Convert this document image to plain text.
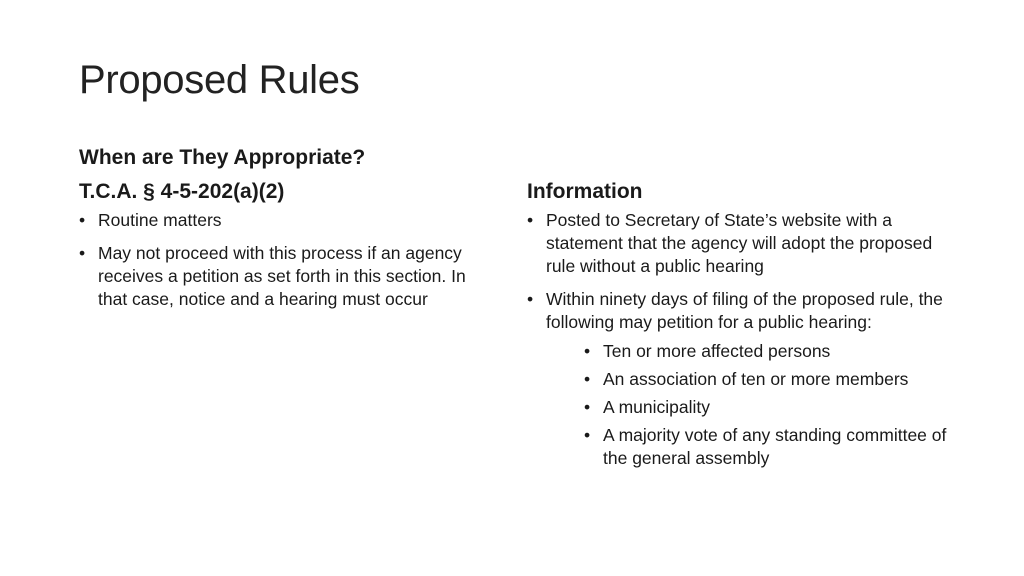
Proposed Rules
When are They Appropriate?
T.C.A. § 4-5-202(a)(2)
• Routine matters
• May not proceed with this process if an agency receives a petition as set forth in this section. In that case, notice and a hearing must occur
Information
• Posted to Secretary of State’s website with a statement that the agency will adopt the proposed rule without a public hearing
• Within ninety days of filing of the proposed rule, the following may petition for a public hearing:
• Ten or more affected persons
• An association of ten or more members
• A municipality
• A majority vote of any standing committee of the general assembly
